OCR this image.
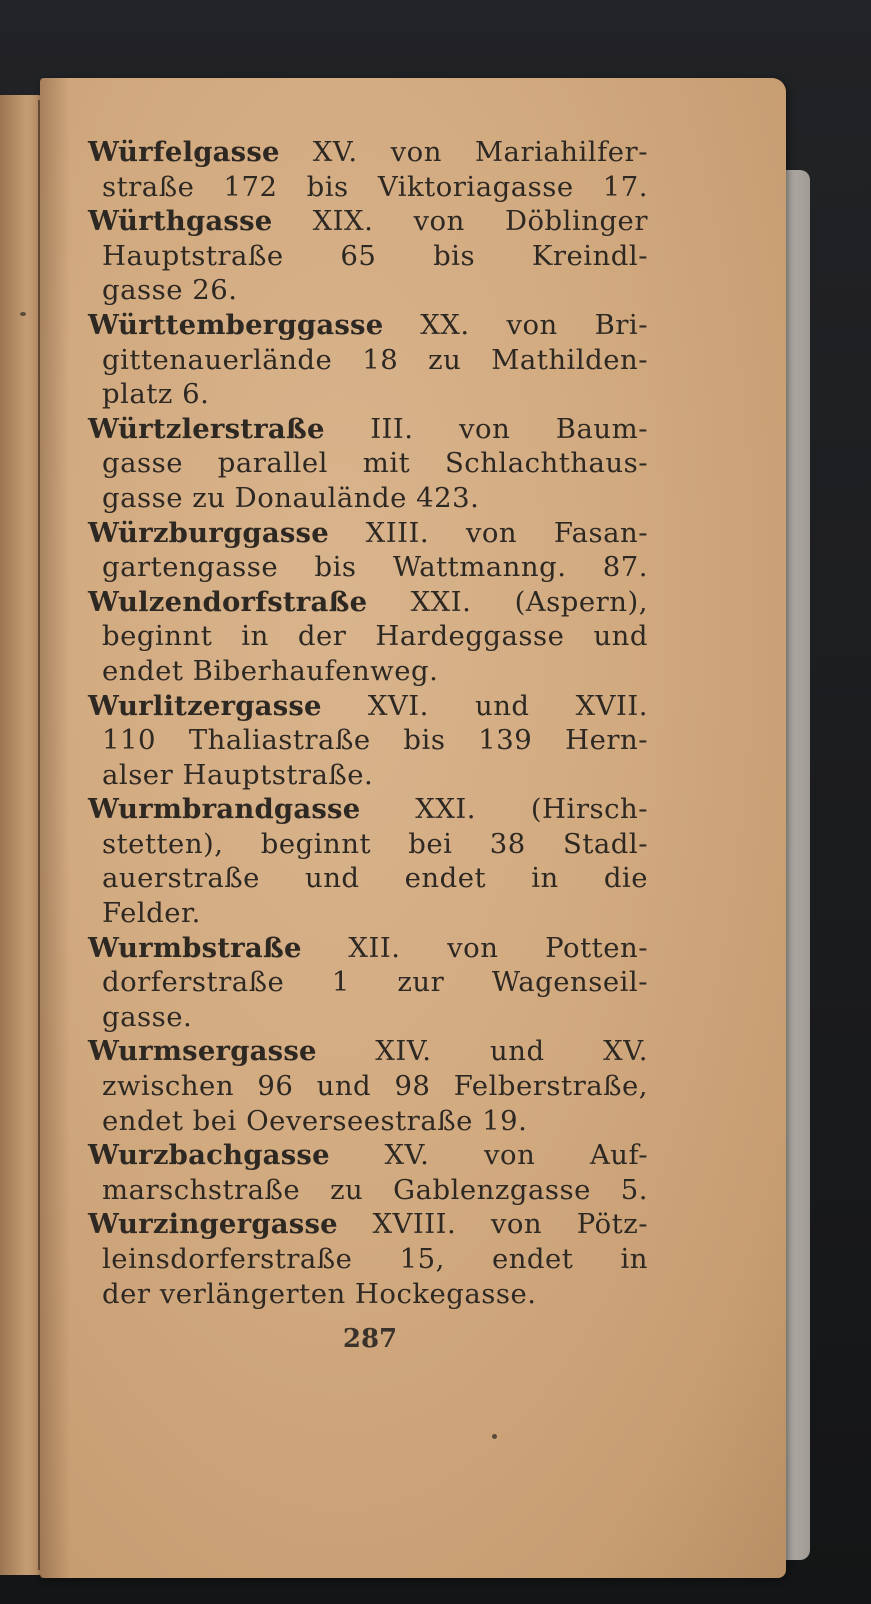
Würfelgasse XV. von Mariahilfer-
straße 172 bis Viktoriagasse 17.
Würthgasse XIX. von Döblinger
Hauptstraße 65 bis Kreindl-
gasse 26.
Württemberggasse XX. von Bri-
gittenauerlände 18 zu Mathilden-
platz 6.
Würtzlerstraße III. von Baum-
gasse parallel mit Schlachthaus-
gasse zu Donaulände 423.
Würzburggasse XIII. von Fasan-
gartengasse bis Wattmanng. 87.
Wulzendorfstraße XXI. (Aspern),
beginnt in der Hardeggasse und
endet Biberhaufenweg.
Wurlitzergasse XVI. und XVII.
110 Thaliastraße bis 139 Hern-
alser Hauptstraße.
Wurmbrandgasse XXI. (Hirsch-
stetten), beginnt bei 38 Stadl-
auerstraße und endet in die
Felder.
Wurmbstraße XII. von Potten-
dorferstraße 1 zur Wagenseil-
gasse.
Wurmsergasse XIV. und XV.
zwischen 96 und 98 Felberstraße,
endet bei Oeverseestraße 19.
Wurzbachgasse XV. von Auf-
marschstraße zu Gablenzgasse 5.
Wurzingergasse XVIII. von Pötz-
leinsdorferstraße 15, endet in
der verlängerten Hockegasse.
287
